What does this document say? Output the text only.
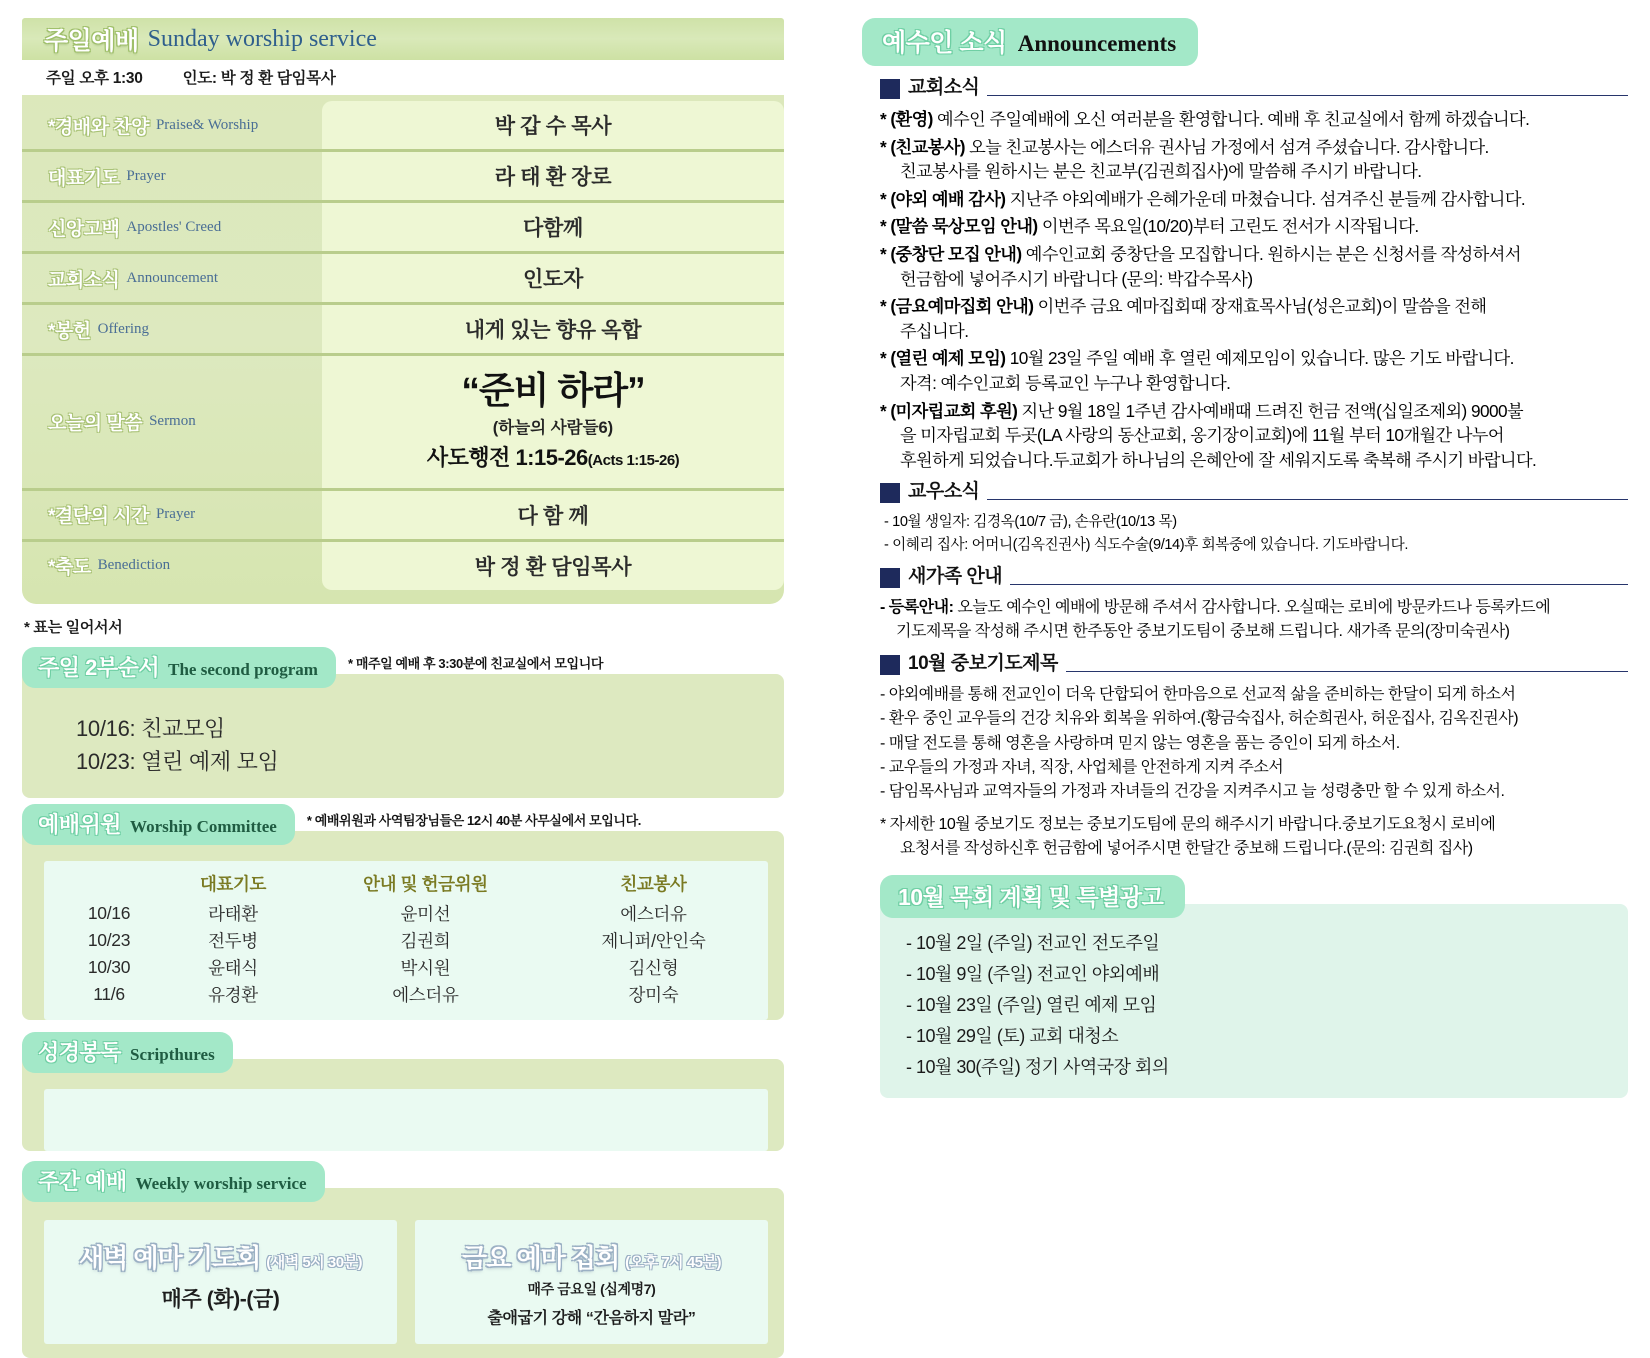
주일예배 Sunday worship service
주일 오후 1:30	인도: 박 정 환 담임목사
*경배와 찬양 Praise& Worship	박 갑 수 목사
대표기도 Prayer	라 태 환 장로
신앙고백 Apostles' Creed	다함께
교회소식 Announcement	인도자
*봉헌 Offering	내게 있는 향유 옥합
오늘의 말씀 Sermon
“준비 하라”
(하늘의 사람들6)
사도행전 1:15-26(Acts 1:15-26)
*결단의 시간 Prayer	다 함 께
*축도 Benediction	박 정 환 담임목사
* 표는 일어서서
주일 2부순서 The second program * 매주일 예배 후 3:30분에 친교실에서 모입니다
10/16: 친교모임
10/23: 열린 예제 모임
예배위원 Worship Committee * 예배위원과 사역팀장님들은 12시 40분 사무실에서 모입니다.
	대표기도	안내 및 헌금위원	친교봉사
10/16	라태환	윤미선	에스더유
10/23	전두병	김권희	제니퍼/안인숙
10/30	윤태식	박시원	김신형
11/6	유경환	에스더유	장미숙
성경봉독 Scripthures
주간 예배 Weekly worship service
새벽 예마 기도회 (새벽 5시 30분)
매주 (화)-(금)
금요 예마 집회 (오후 7시 45분)
매주 금요일 (십계명7)
출애굽기 강해 “간음하지 말라”
예수인 소식 Announcements
교회소식

* (환영) 예수인 주일예배에 오신 여러분을 환영합니다. 예배 후 친교실에서 함께 하겠습니다.

* (친교봉사) 오늘 친교봉사는 에스더유 권사님 가정에서 섬겨 주셨습니다. 감사합니다.

친교봉사를 원하시는 분은 친교부(김권희집사)에 말씀해 주시기 바랍니다.

* (야외 예배 감사) 지난주 야외예배가 은혜가운데 마쳤습니다. 섬겨주신 분들께 감사합니다.

* (말씀 묵상모임 안내) 이번주 목요일(10/20)부터 고린도 전서가 시작됩니다.

* (중창단 모집 안내) 예수인교회 중창단을 모집합니다. 원하시는 분은 신청서를 작성하셔서

헌금함에 넣어주시기 바랍니다 (문의: 박갑수목사)

* (금요예마집회 안내) 이번주 금요 예마집회때 장재효목사님(성은교회)이 말씀을 전해

주십니다.

* (열린 예제 모임) 10월 23일 주일 예배 후 열린 예제모임이 있습니다. 많은 기도 바랍니다.

자격: 예수인교회 등록교인 누구나 환영합니다.

* (미자립교회 후원) 지난 9월 18일 1주년 감사예배때 드려진 헌금 전액(십일조제외) 9000불

을 미자립교회 두곳(LA 사랑의 동산교회, 옹기장이교회)에 11월 부터 10개월간 나누어

후원하게 되었습니다.두교회가 하나님의 은혜안에 잘 세워지도록 축복해 주시기 바랍니다.

교우소식

- 10월 생일자: 김경옥(10/7 금), 손유란(10/13 목)

- 이혜리 집사: 어머니(김옥진권사) 식도수술(9/14)후 회복중에 있습니다. 기도바랍니다.

새가족 안내

- 등록안내: 오늘도 예수인 예배에 방문해 주셔서 감사합니다. 오실때는 로비에 방문카드나 등록카드에

기도제목을 작성해 주시면 한주동안 중보기도팀이 중보해 드립니다. 새가족 문의(장미숙권사)

10월 중보기도제목

- 야외예배를 통해 전교인이 더욱 단합되어 한마음으로 선교적 삶을 준비하는 한달이 되게 하소서

- 환우 중인 교우들의 건강 치유와 회복을 위하여.(황금숙집사, 허순희권사, 허운집사, 김옥진권사)

- 매달 전도를 통해 영혼을 사랑하며 믿지 않는 영혼을 품는 증인이 되게 하소서.

- 교우들의 가정과 자녀, 직장, 사업체를 안전하게 지켜 주소서

- 담임목사님과 교역자들의 가정과 자녀들의 건강을 지켜주시고 늘 성령충만 할 수 있게 하소서.

* 자세한 10월 중보기도 정보는 중보기도팀에 문의 해주시기 바랍니다.중보기도요청시 로비에

요청서를 작성하신후 헌금함에 넣어주시면 한달간 중보해 드립니다.(문의: 김권희 집사)

10월 목회 계획 및 특별광고

- 10월 2일 (주일) 전교인 전도주일

- 10월 9일 (주일) 전교인 야외예배

- 10월 23일 (주일) 열린 예제 모임

- 10월 29일 (토) 교회 대청소

- 10월 30(주일) 정기 사역국장 회의
